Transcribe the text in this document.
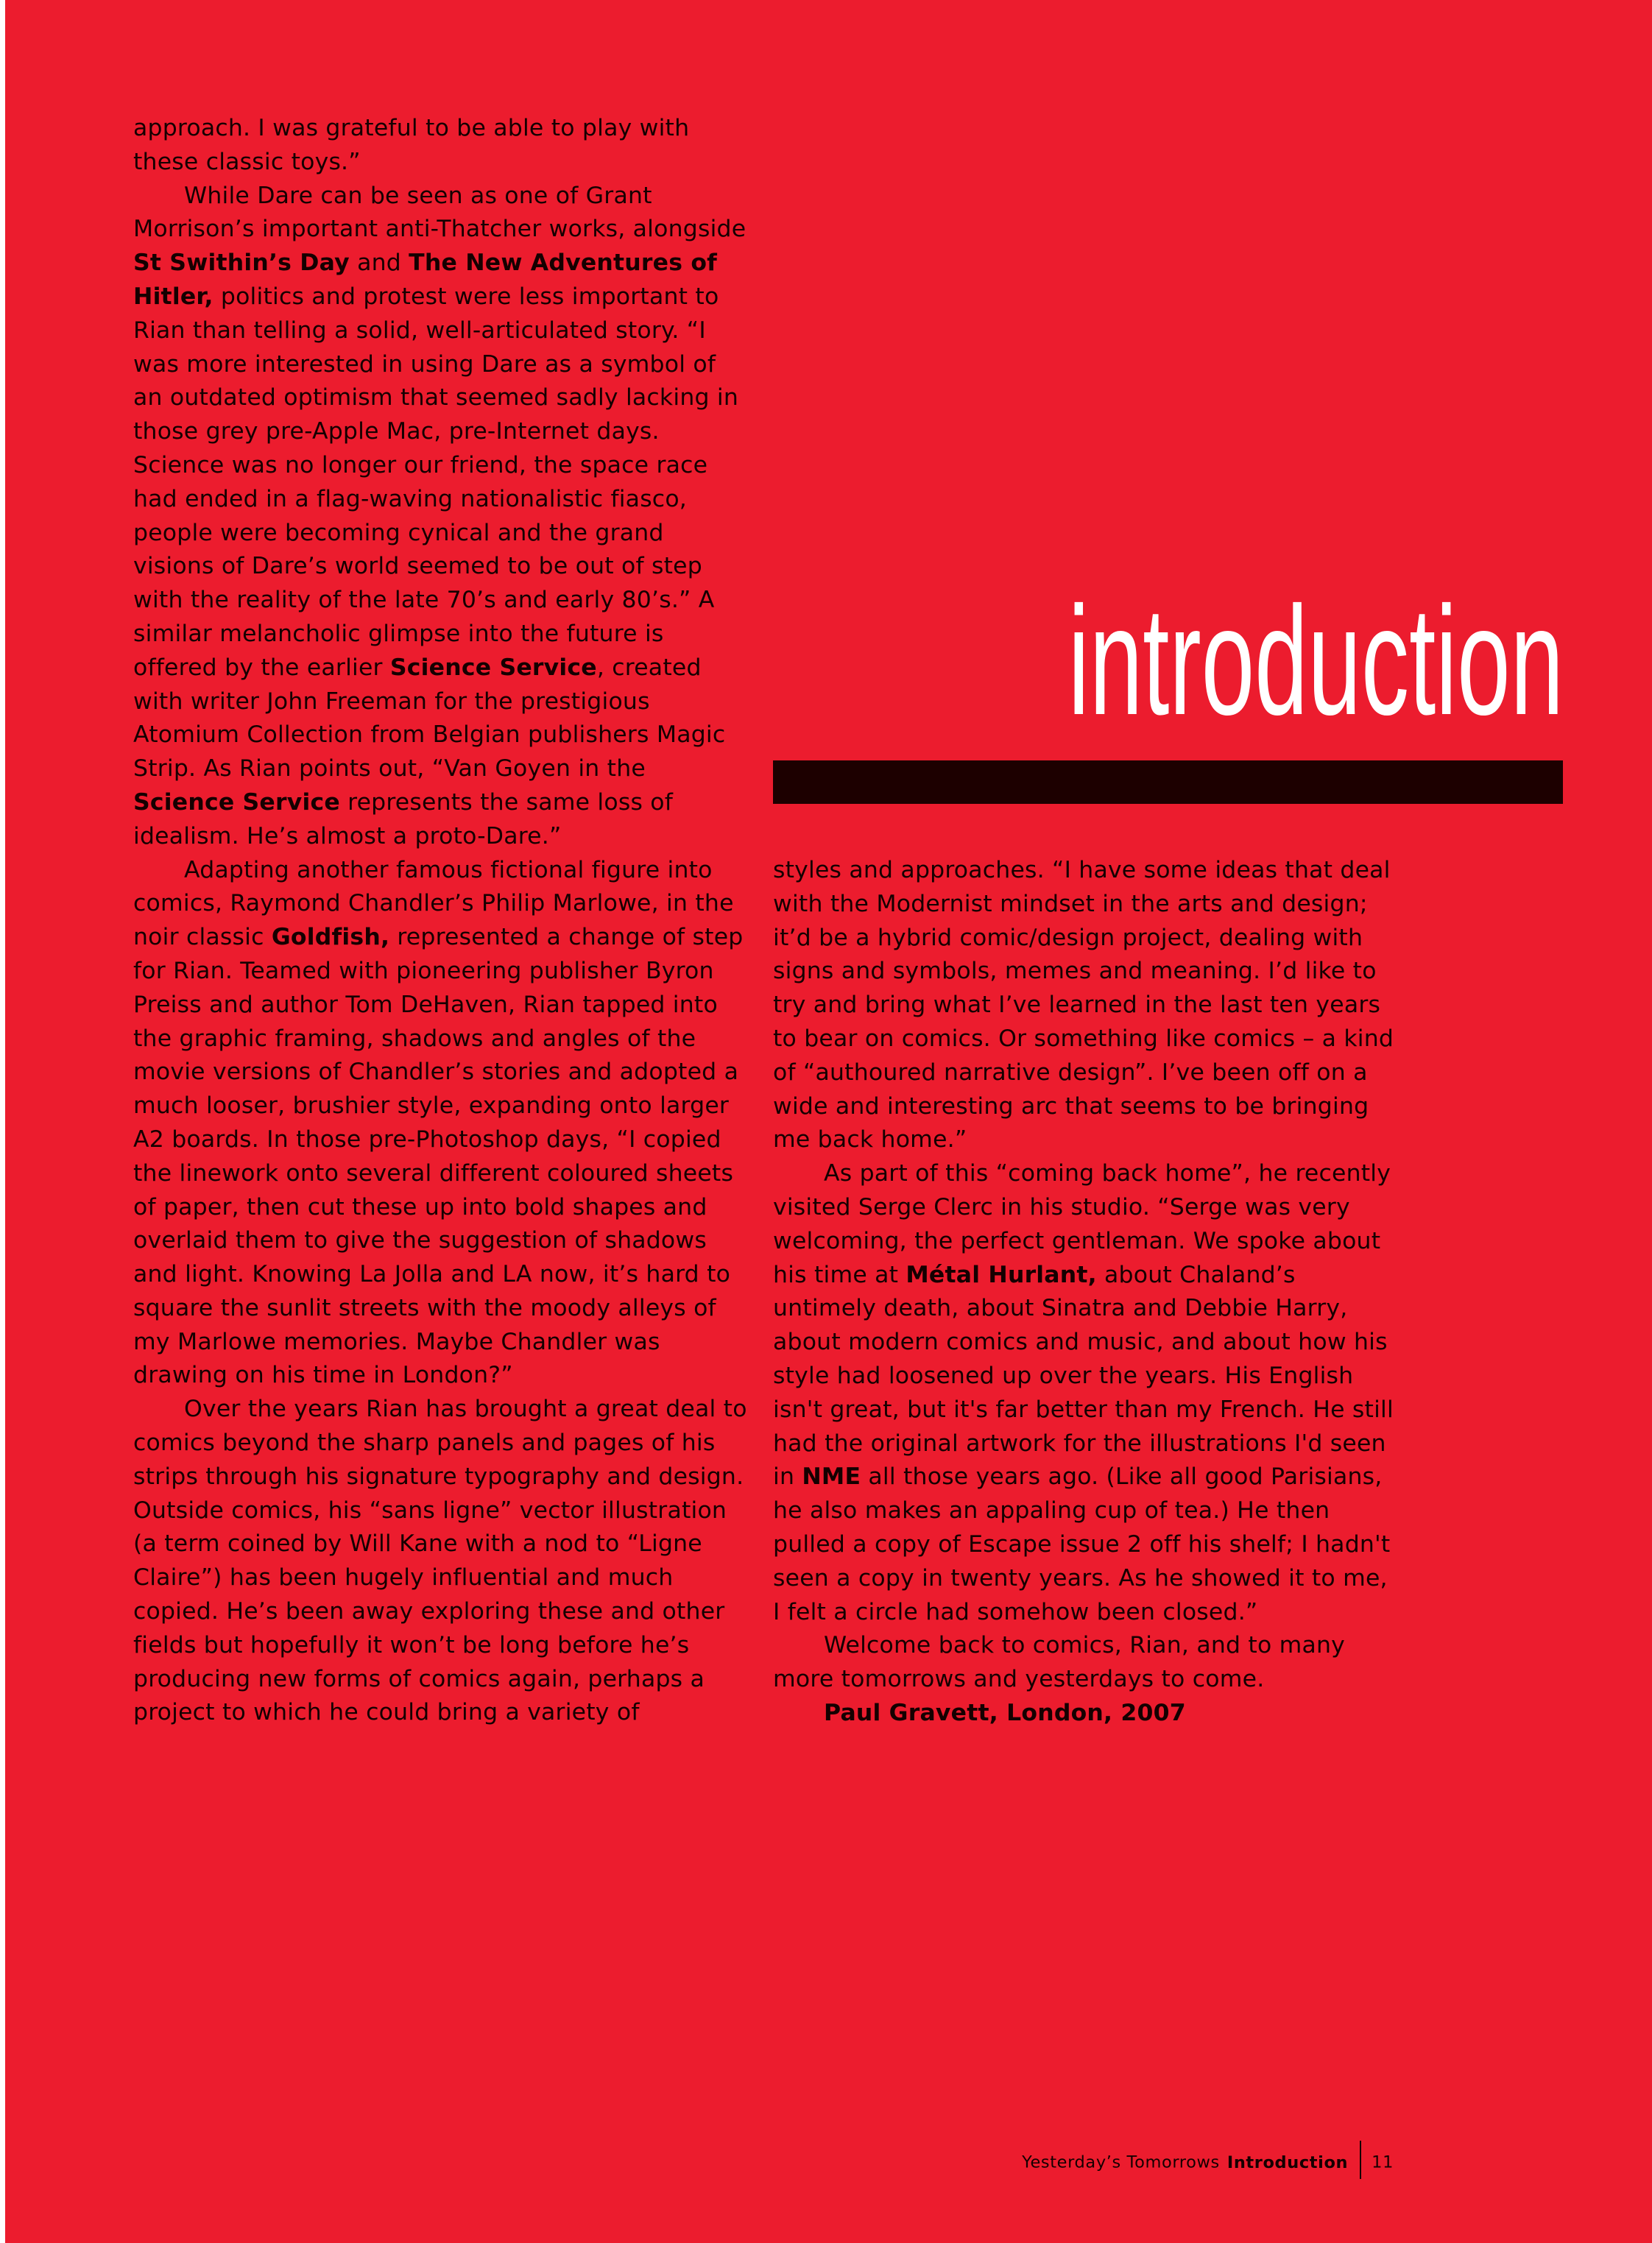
approach. I was grateful to be able to play with these classic toys.”

While Dare can be seen as one of Grant Morrison’s important anti-Thatcher works, alongside St Swithin’s Day and The New Adventures of Hitler, politics and protest were less important to Rian than telling a solid, well-articulated story. “I was more interested in using Dare as a symbol of an outdated optimism that seemed sadly lacking in those grey pre-Apple Mac, pre-Internet days. Science was no longer our friend, the space race had ended in a flag-waving nationalistic fiasco, people were becoming cynical and the grand visions of Dare’s world seemed to be out of step with the reality of the late 70’s and early 80’s.” A similar melancholic glimpse into the future is offered by the earlier Science Service, created with writer John Freeman for the prestigious Atomium Collection from Belgian publishers Magic Strip. As Rian points out, “Van Goyen in the Science Service represents the same loss of idealism. He’s almost a proto-Dare.”

Adapting another famous fictional figure into comics, Raymond Chandler’s Philip Marlowe, in the noir classic Goldfish, represented a change of step for Rian. Teamed with pioneering publisher Byron Preiss and author Tom DeHaven, Rian tapped into the graphic framing, shadows and angles of the movie versions of Chandler’s stories and adopted a much looser, brushier style, expanding onto larger A2 boards. In those pre-Photoshop days, “I copied the linework onto several different coloured sheets of paper, then cut these up into bold shapes and overlaid them to give the suggestion of shadows and light. Knowing La Jolla and LA now, it’s hard to square the sunlit streets with the moody alleys of my Marlowe memories. Maybe Chandler was drawing on his time in London?”

Over the years Rian has brought a great deal to comics beyond the sharp panels and pages of his strips through his signature typography and design. Outside comics, his “sans ligne” vector illustration (a term coined by Will Kane with a nod to “Ligne Claire”) has been hugely influential and much copied. He’s been away exploring these and other fields but hopefully it won’t be long before he’s producing new forms of comics again, perhaps a project to which he could bring a variety of

introduction

styles and approaches. “I have some ideas that deal with the Modernist mindset in the arts and design; it’d be a hybrid comic/design project, dealing with signs and symbols, memes and meaning. I’d like to try and bring what I’ve learned in the last ten years to bear on comics. Or something like comics – a kind of “authoured narrative design”. I’ve been off on a wide and interesting arc that seems to be bringing me back home.”

As part of this “coming back home”, he recently visited Serge Clerc in his studio. “Serge was very welcoming, the perfect gentleman. We spoke about his time at Métal Hurlant, about Chaland’s untimely death, about Sinatra and Debbie Harry, about modern comics and music, and about how his style had loosened up over the years. His English isn't great, but it's far better than my French. He still had the original artwork for the illustrations I'd seen in NME all those years ago. (Like all good Parisians, he also makes an appaling cup of tea.) He then pulled a copy of Escape issue 2 off his shelf; I hadn't seen a copy in twenty years. As he showed it to me, I felt a circle had somehow been closed.”

Welcome back to comics, Rian, and to many more tomorrows and yesterdays to come.

Paul Gravett, London, 2007

Yesterday’s Tomorrows Introduction 11
